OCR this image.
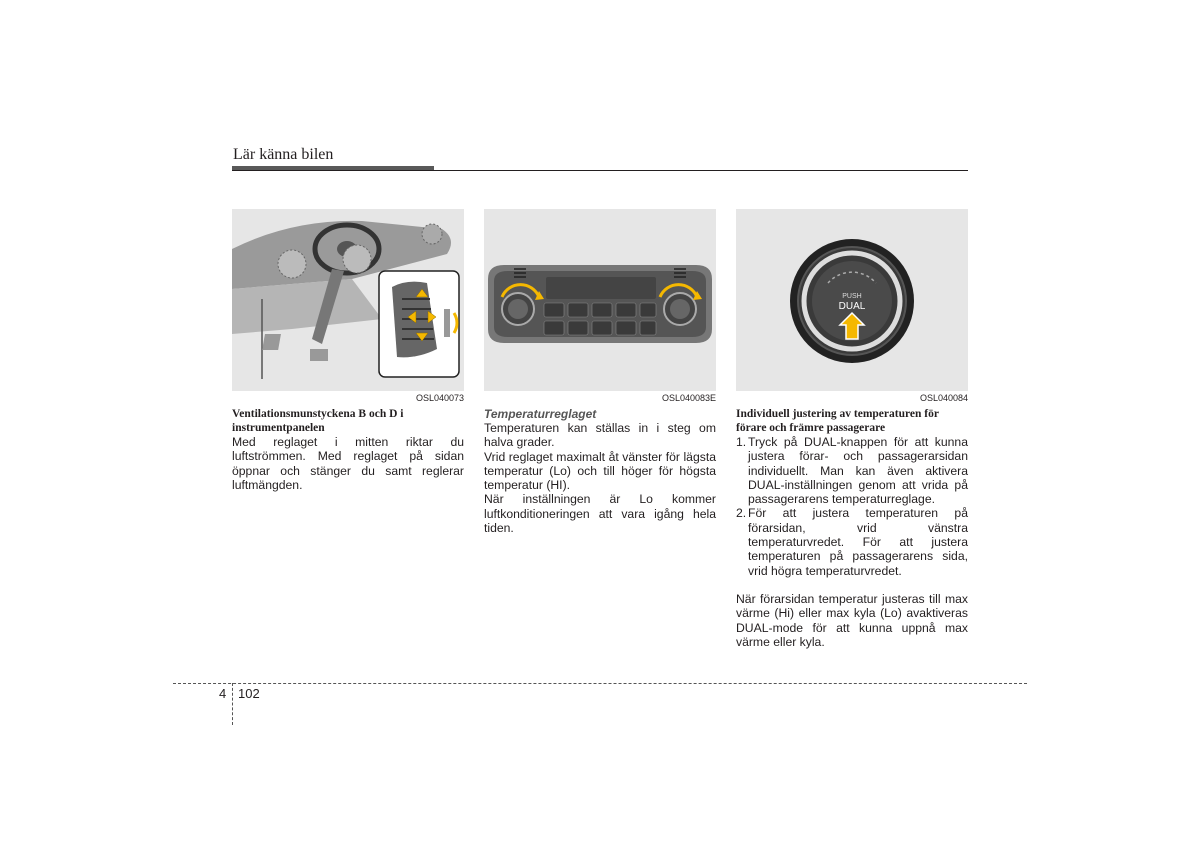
Lär känna bilen
OSL040073
Ventilationsmunstyckena B och D i instrumentpanelen

Med reglaget i mitten riktar du luftströmmen. Med reglaget på sidan öppnar och stänger du samt reglerar luftmängden.

OSL040083E
Temperaturreglaget

Temperaturen kan ställas in i steg om halva grader.

Vrid reglaget maximalt åt vänster för lägsta temperatur (Lo) och till höger för högsta temperatur (HI).

När inställningen är Lo kommer luftkonditioneringen att vara igång hela tiden.

PUSH
DUAL
OSL040084
Individuell justering av temperaturen för förare och främre passagerare
1. Tryck på DUAL-knappen för att kunna justera förar- och passagerarsidan individuellt. Man kan även aktivera DUAL-inställningen genom att vrida på passagerarens temperaturreglage.
2. För att justera temperaturen på förarsidan, vrid vänstra temperaturvredet. För att justera temperaturen på passagerarens sida, vrid högra temperaturvredet.

När förarsidan temperatur justeras till max värme (Hi) eller max kyla (Lo) avaktiveras DUAL-mode för att kunna uppnå max värme eller kyla.

4 102
